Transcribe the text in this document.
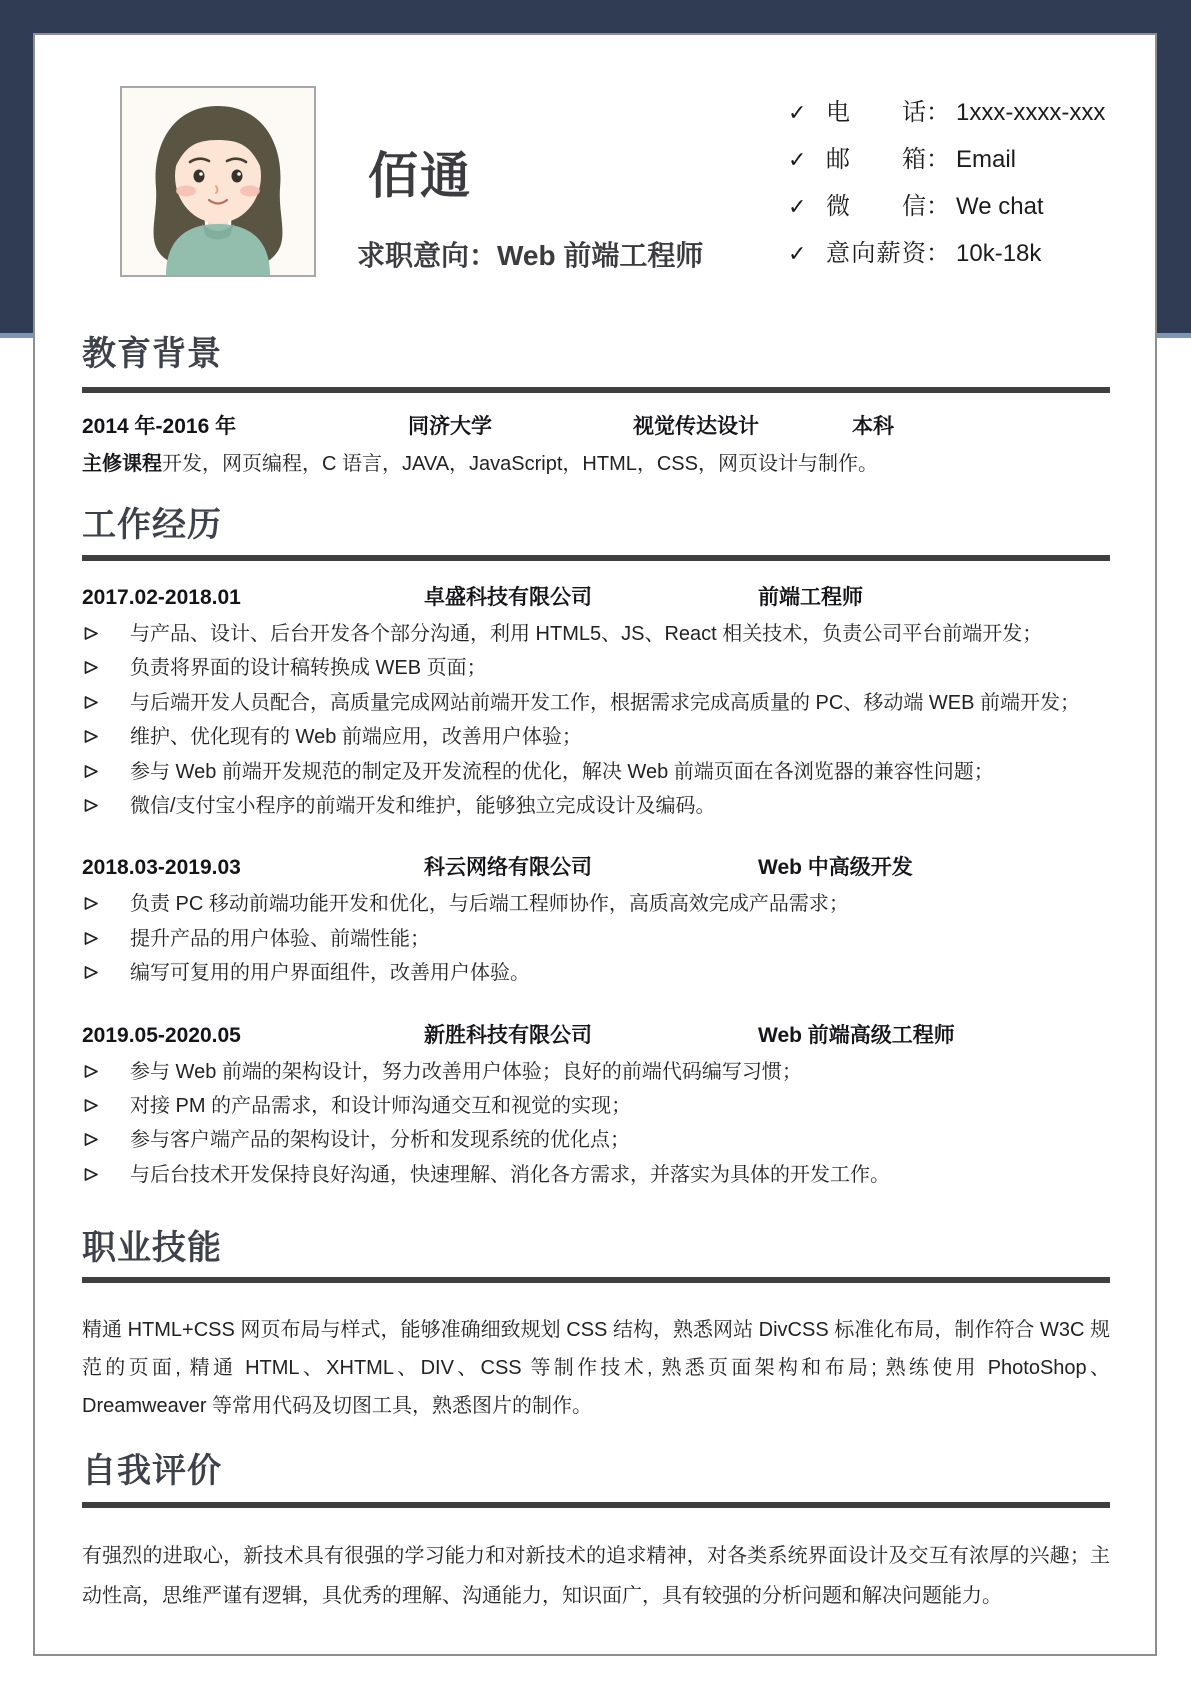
佰通
求职意向：Web 前端工程师
✓ 电话： 1xxx-xxxx-xxx
✓ 邮箱： Email
✓ 微信： We chat
✓ 意向薪资： 10k-18k
教育背景
2014 年-2016 年	同济大学	视觉传达设计	本科
主修课程开发，网页编程，C 语言，JAVA，JavaScript，HTML，CSS，网页设计与制作。
工作经历
2017.02-2018.01	卓盛科技有限公司	前端工程师
与产品、设计、后台开发各个部分沟通，利用 HTML5、JS、React 相关技术，负责公司平台前端开发；
负责将界面的设计稿转换成 WEB 页面；
与后端开发人员配合，高质量完成网站前端开发工作，根据需求完成高质量的 PC、移动端 WEB 前端开发；
维护、优化现有的 Web 前端应用，改善用户体验；
参与 Web 前端开发规范的制定及开发流程的优化，解决 Web 前端页面在各浏览器的兼容性问题；
微信/支付宝小程序的前端开发和维护，能够独立完成设计及编码。
2018.03-2019.03	科云网络有限公司	Web 中高级开发
负责 PC 移动前端功能开发和优化，与后端工程师协作，高质高效完成产品需求；
提升产品的用户体验、前端性能；
编写可复用的用户界面组件，改善用户体验。
2019.05-2020.05	新胜科技有限公司	Web 前端高级工程师
参与 Web 前端的架构设计，努力改善用户体验；良好的前端代码编写习惯；
对接 PM 的产品需求，和设计师沟通交互和视觉的实现；
参与客户端产品的架构设计，分析和发现系统的优化点；
与后台技术开发保持良好沟通，快速理解、消化各方需求，并落实为具体的开发工作。
职业技能
精通 HTML+CSS 网页布局与样式，能够准确细致规划 CSS 结构，熟悉网站 DivCSS 标准化布局，制作符合 W3C 规范的页面, 精通 HTML、XHTML、DIV、CSS 等制作技术, 熟悉页面架构和布局; 熟练使用 PhotoShop、Dreamweaver 等常用代码及切图工具，熟悉图片的制作。
自我评价
有强烈的进取心，新技术具有很强的学习能力和对新技术的追求精神，对各类系统界面设计及交互有浓厚的兴趣；主动性高，思维严谨有逻辑，具优秀的理解、沟通能力，知识面广，具有较强的分析问题和解决问题能力。
